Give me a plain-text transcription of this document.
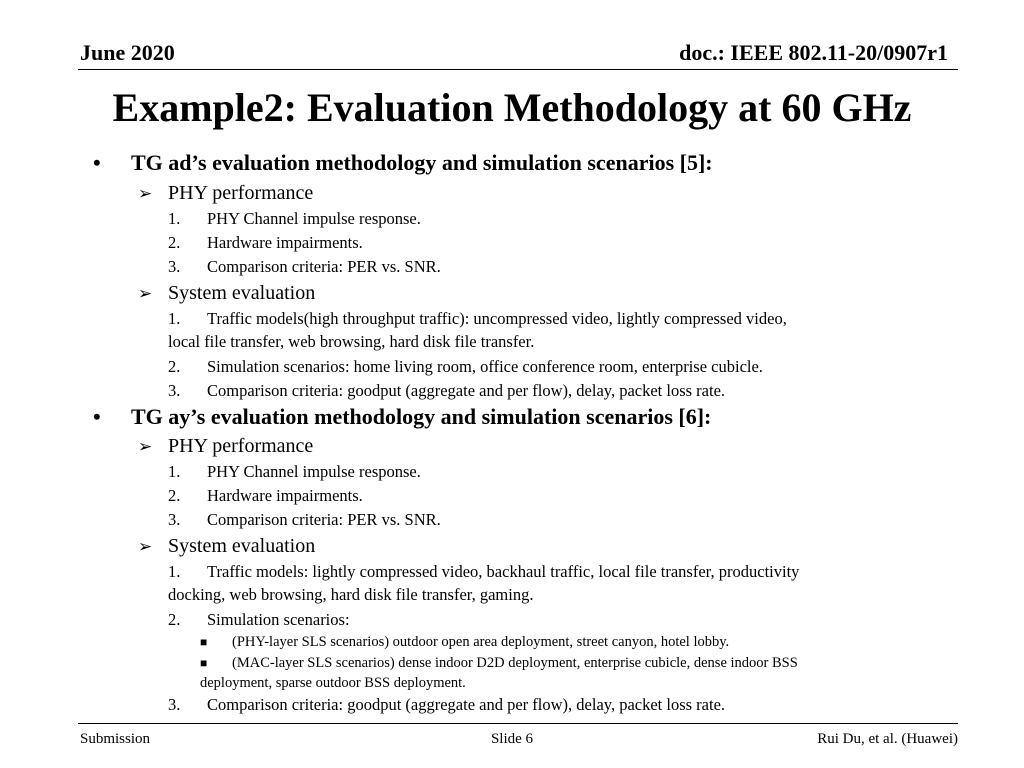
June 2020	doc.: IEEE 802.11-20/0907r1
Example2: Evaluation Methodology at 60 GHz
• TG ad’s evaluation methodology and simulation scenarios [5]:
➢ PHY performance
1. PHY Channel impulse response.
2. Hardware impairments.
3. Comparison criteria: PER vs. SNR.
➢ System evaluation
1. Traffic models(high throughput traffic): uncompressed video, lightly compressed video,
local file transfer, web browsing, hard disk file transfer.
2. Simulation scenarios: home living room, office conference room, enterprise cubicle.
3. Comparison criteria: goodput (aggregate and per flow), delay, packet loss rate.
• TG ay’s evaluation methodology and simulation scenarios [6]:
➢ PHY performance
1. PHY Channel impulse response.
2. Hardware impairments.
3. Comparison criteria: PER vs. SNR.
➢ System evaluation
1. Traffic models: lightly compressed video, backhaul traffic, local file transfer, productivity
docking, web browsing, hard disk file transfer, gaming.
2. Simulation scenarios:
■ (PHY-layer SLS scenarios) outdoor open area deployment, street canyon, hotel lobby.
■ (MAC-layer SLS scenarios) dense indoor D2D deployment, enterprise cubicle, dense indoor BSS
deployment, sparse outdoor BSS deployment.
3. Comparison criteria: goodput (aggregate and per flow), delay, packet loss rate.
Submission	Slide 6	Rui Du, et al. (Huawei)
